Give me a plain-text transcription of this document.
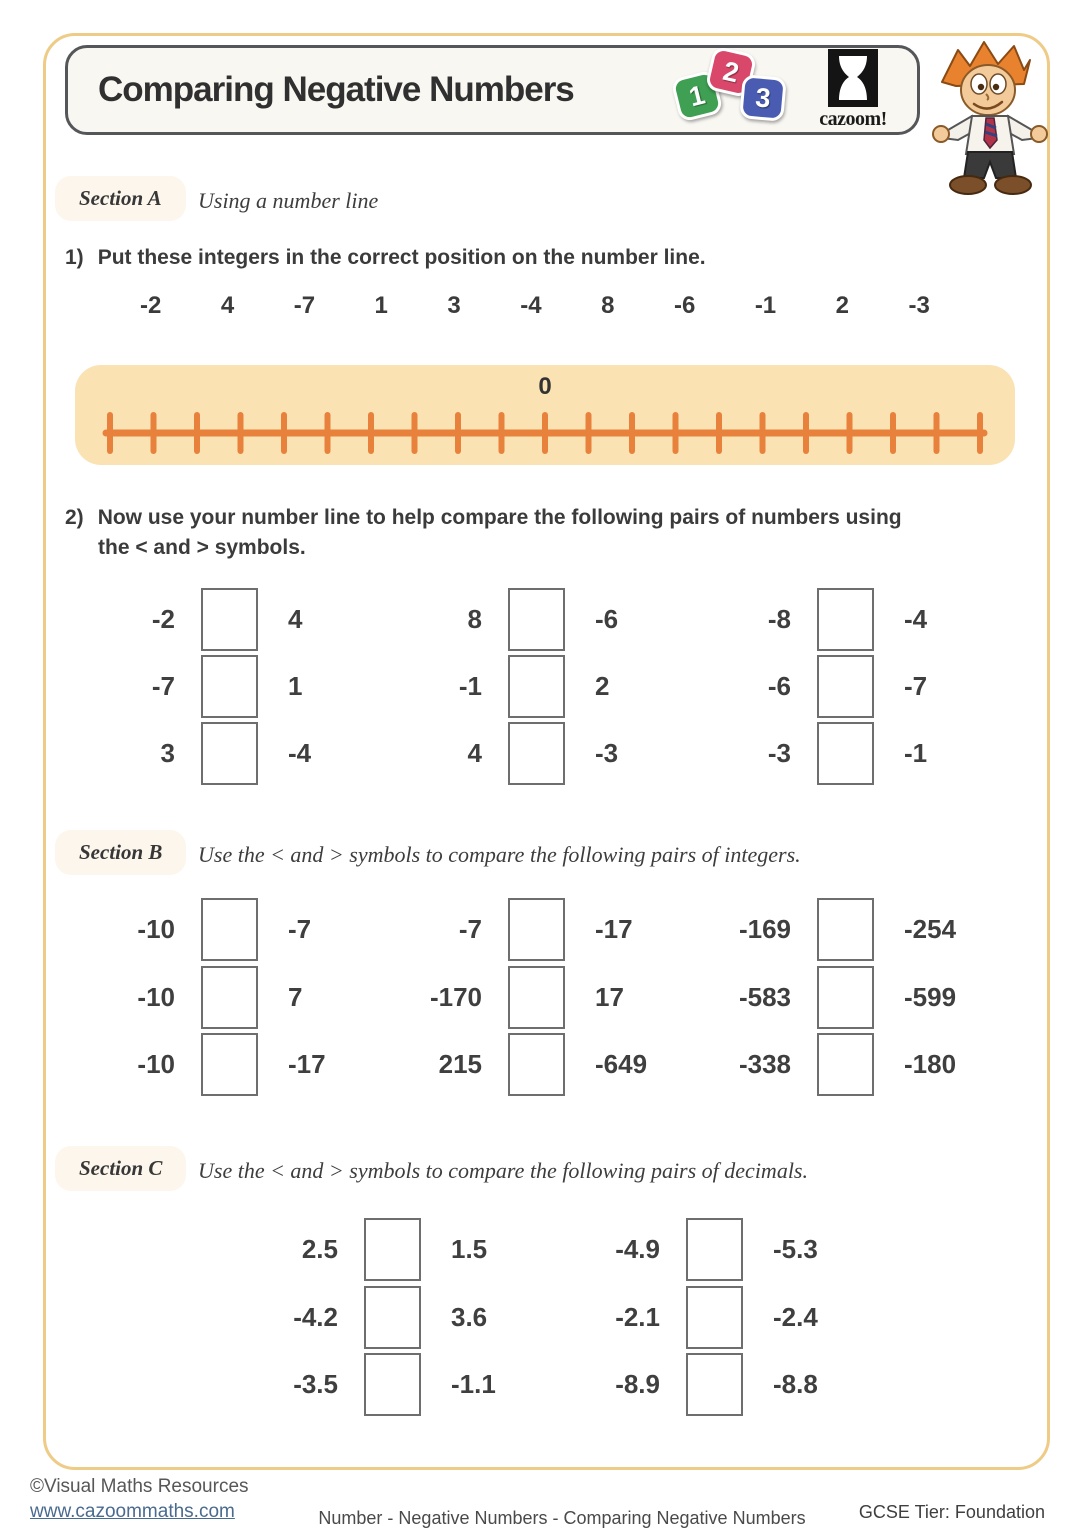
Comparing Negative Numbers	1
2
3
cazoom!
Section A	Using a number line
1) Put these integers in the correct position on the number line.
-2 4 -7 1 3 -4 8 -6 -1 2 -3
0
2) Now use your number line to help compare the following pairs of numbers using
the < and > symbols.
-2	4	8	-6	-8	-4
-7	1	-1	2	-6	-7
3	-4	4	-3	-3	-1
Section B	Use the < and > symbols to compare the following pairs of integers.
-10	-7	-7	-17	-169	-254
-10	7	-170	17	-583	-599
-10	-17	215	-649	-338	-180
Section C	Use the < and > symbols to compare the following pairs of decimals.
2.5	1.5	-4.9	-5.3
-4.2	3.6	-2.1	-2.4
-3.5	-1.1	-8.9	-8.8
©Visual Maths Resources
www.cazoommaths.com	Number - Negative Numbers - Comparing Negative Numbers	GCSE Tier: Foundation
